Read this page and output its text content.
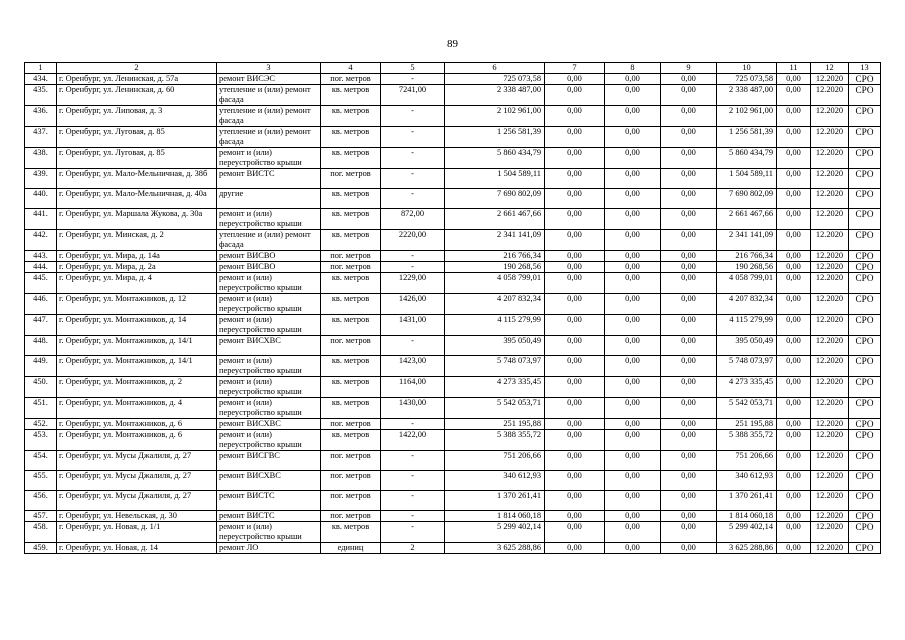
89
1	2	3	4	5	6	7	8	9	10	11	12	13
434.	г. Оренбург, ул. Ленинская, д. 57а	ремонт ВИСЭС	пог. метров	-	725 073,58	0,00	0,00	0,00	725 073,58	0,00	12.2020	СРО
435.	г. Оренбург, ул. Ленинская, д. 60	утепление и (или) ремонт фасада	кв. метров	7241,00	2 338 487,00	0,00	0,00	0,00	2 338 487,00	0,00	12.2020	СРО
436.	г. Оренбург, ул. Липовая, д. 3	утепление и (или) ремонт фасада	кв. метров	-	2 102 961,00	0,00	0,00	0,00	2 102 961,00	0,00	12.2020	СРО
437.	г. Оренбург, ул. Луговая, д. 85	утепление и (или) ремонт фасада	кв. метров	-	1 256 581,39	0,00	0,00	0,00	1 256 581,39	0,00	12.2020	СРО
438.	г. Оренбург, ул. Луговая, д. 85	ремонт и (или) переустройство крыши	кв. метров	-	5 860 434,79	0,00	0,00	0,00	5 860 434,79	0,00	12.2020	СРО
439.	г. Оренбург, ул. Мало-Мельничная, д. 38б	ремонт ВИСТС	пог. метров	-	1 504 589,11	0,00	0,00	0,00	1 504 589,11	0,00	12.2020	СРО
440.	г. Оренбург, ул. Мало-Мельничная, д. 40а	другие	кв. метров	-	7 690 802,09	0,00	0,00	0,00	7 690 802,09	0,00	12.2020	СРО
441.	г. Оренбург, ул. Маршала Жукова, д. 30а	ремонт и (или) переустройство крыши	кв. метров	872,00	2 661 467,66	0,00	0,00	0,00	2 661 467,66	0,00	12.2020	СРО
442.	г. Оренбург, ул. Минская, д. 2	утепление и (или) ремонт фасада	кв. метров	2220,00	2 341 141,09	0,00	0,00	0,00	2 341 141,09	0,00	12.2020	СРО
443.	г. Оренбург, ул. Мира, д. 14а	ремонт ВИСВО	пог. метров	-	216 766,34	0,00	0,00	0,00	216 766,34	0,00	12.2020	СРО
444.	г. Оренбург, ул. Мира, д. 2а	ремонт ВИСВО	пог. метров	-	190 268,56	0,00	0,00	0,00	190 268,56	0,00	12.2020	СРО
445.	г. Оренбург, ул. Мира, д. 4	ремонт и (или) переустройство крыши	кв. метров	1229,00	4 058 799,01	0,00	0,00	0,00	4 058 799,01	0,00	12.2020	СРО
446.	г. Оренбург, ул. Монтажников, д. 12	ремонт и (или) переустройство крыши	кв. метров	1426,00	4 207 832,34	0,00	0,00	0,00	4 207 832,34	0,00	12.2020	СРО
447.	г. Оренбург, ул. Монтажников, д. 14	ремонт и (или) переустройство крыши	кв. метров	1431,00	4 115 279,99	0,00	0,00	0,00	4 115 279,99	0,00	12.2020	СРО
448.	г. Оренбург, ул. Монтажников, д. 14/1	ремонт ВИСХВС	пог. метров	-	395 050,49	0,00	0,00	0,00	395 050,49	0,00	12.2020	СРО
449.	г. Оренбург, ул. Монтажников, д. 14/1	ремонт и (или) переустройство крыши	кв. метров	1423,00	5 748 073,97	0,00	0,00	0,00	5 748 073,97	0,00	12.2020	СРО
450.	г. Оренбург, ул. Монтажников, д. 2	ремонт и (или) переустройство крыши	кв. метров	1164,00	4 273 335,45	0,00	0,00	0,00	4 273 335,45	0,00	12.2020	СРО
451.	г. Оренбург, ул. Монтажников, д. 4	ремонт и (или) переустройство крыши	кв. метров	1430,00	5 542 053,71	0,00	0,00	0,00	5 542 053,71	0,00	12.2020	СРО
452.	г. Оренбург, ул. Монтажников, д. 6	ремонт ВИСХВС	пог. метров	-	251 195,88	0,00	0,00	0,00	251 195,88	0,00	12.2020	СРО
453.	г. Оренбург, ул. Монтажников, д. 6	ремонт и (или) переустройство крыши	кв. метров	1422,00	5 388 355,72	0,00	0,00	0,00	5 388 355,72	0,00	12.2020	СРО
454.	г. Оренбург, ул. Мусы Джалиля, д. 27	ремонт ВИСГВС	пог. метров	-	751 206,66	0,00	0,00	0,00	751 206,66	0,00	12.2020	СРО
455.	г. Оренбург, ул. Мусы Джалиля, д. 27	ремонт ВИСХВС	пог. метров	-	340 612,93	0,00	0,00	0,00	340 612,93	0,00	12.2020	СРО
456.	г. Оренбург, ул. Мусы Джалиля, д. 27	ремонт ВИСТС	пог. метров	-	1 370 261,41	0,00	0,00	0,00	1 370 261,41	0,00	12.2020	СРО
457.	г. Оренбург, ул. Невельская, д. 30	ремонт ВИСТС	пог. метров	-	1 814 060,18	0,00	0,00	0,00	1 814 060,18	0,00	12.2020	СРО
458.	г. Оренбург, ул. Новая, д. 1/1	ремонт и (или) переустройство крыши	кв. метров	-	5 299 402,14	0,00	0,00	0,00	5 299 402,14	0,00	12.2020	СРО
459.	г. Оренбург, ул. Новая, д. 14	ремонт ЛО	единиц	2	3 625 288,86	0,00	0,00	0,00	3 625 288,86	0,00	12.2020	СРО
